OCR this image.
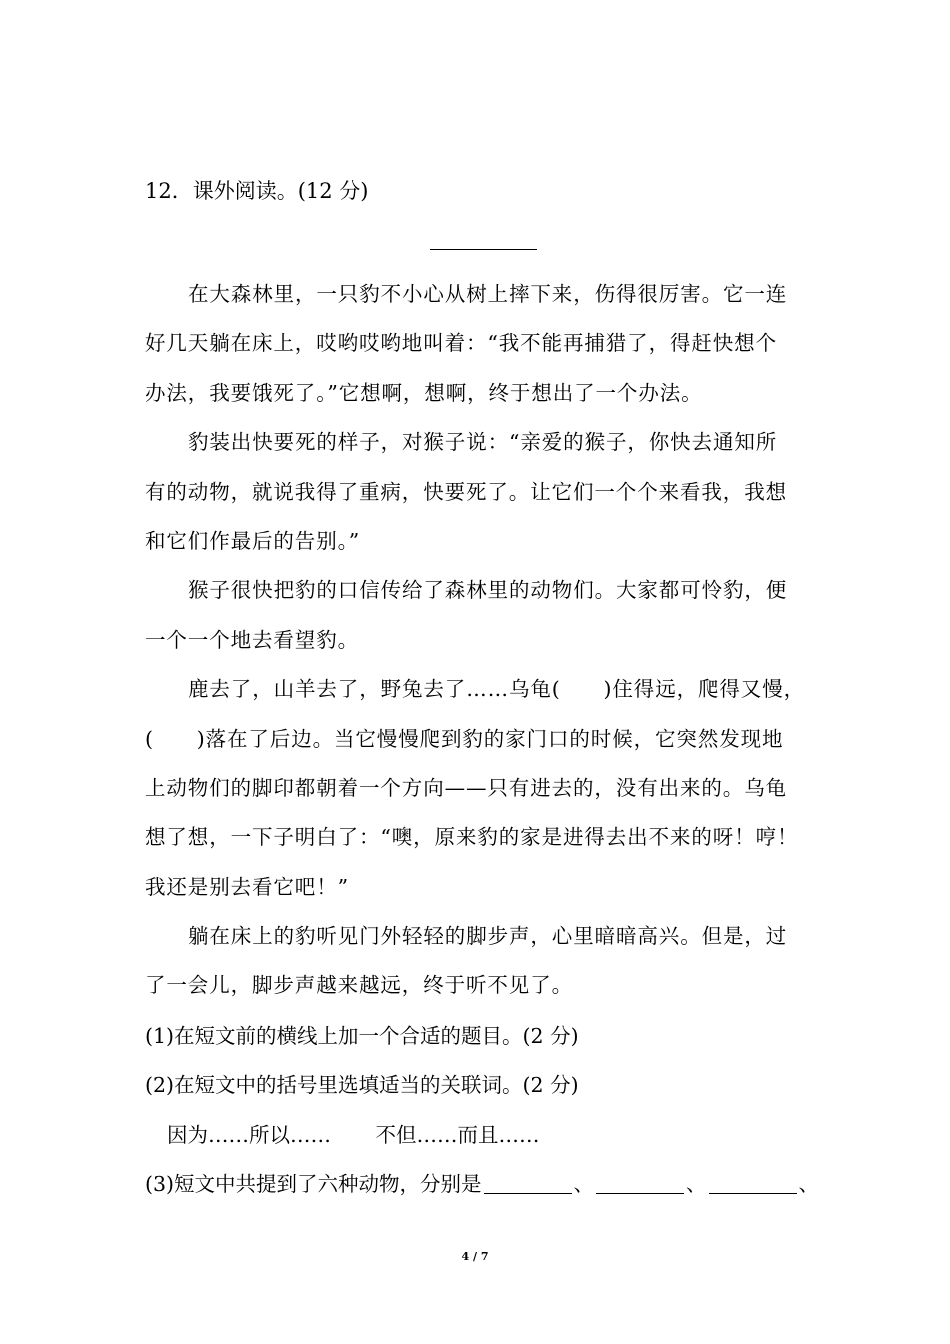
12．课外阅读。(12 分)
在大森林里，一只豹不小心从树上摔下来，伤得很厉害。它一连
好几天躺在床上，哎哟哎哟地叫着：“我不能再捕猎了，得赶快想个
办法，我要饿死了。”它想啊，想啊，终于想出了一个办法。
豹装出快要死的样子，对猴子说：“亲爱的猴子，你快去通知所
有的动物，就说我得了重病，快要死了。让它们一个个来看我，我想
和它们作最后的告别。”
猴子很快把豹的口信传给了森林里的动物们。大家都可怜豹，便
一个一个地去看望豹。
鹿去了，山羊去了，野兔去了……乌龟(　　)住得远，爬得又慢，
(　　)落在了后边。当它慢慢爬到豹的家门口的时候，它突然发现地
上动物们的脚印都朝着一个方向——只有进去的，没有出来的。乌龟
想了想，一下子明白了：“噢，原来豹的家是进得去出不来的呀！哼！
我还是别去看它吧！”
躺在床上的豹听见门外轻轻的脚步声，心里暗暗高兴。但是，过
了一会儿，脚步声越来越远，终于听不见了。
(1)在短文前的横线上加一个合适的题目。(2 分)
(2)在短文中的括号里选填适当的关联词。(2 分)
因为……所以…… 不但……而且……
(3)短文中共提到了六种动物，分别是	、	、	、
4 / 7
